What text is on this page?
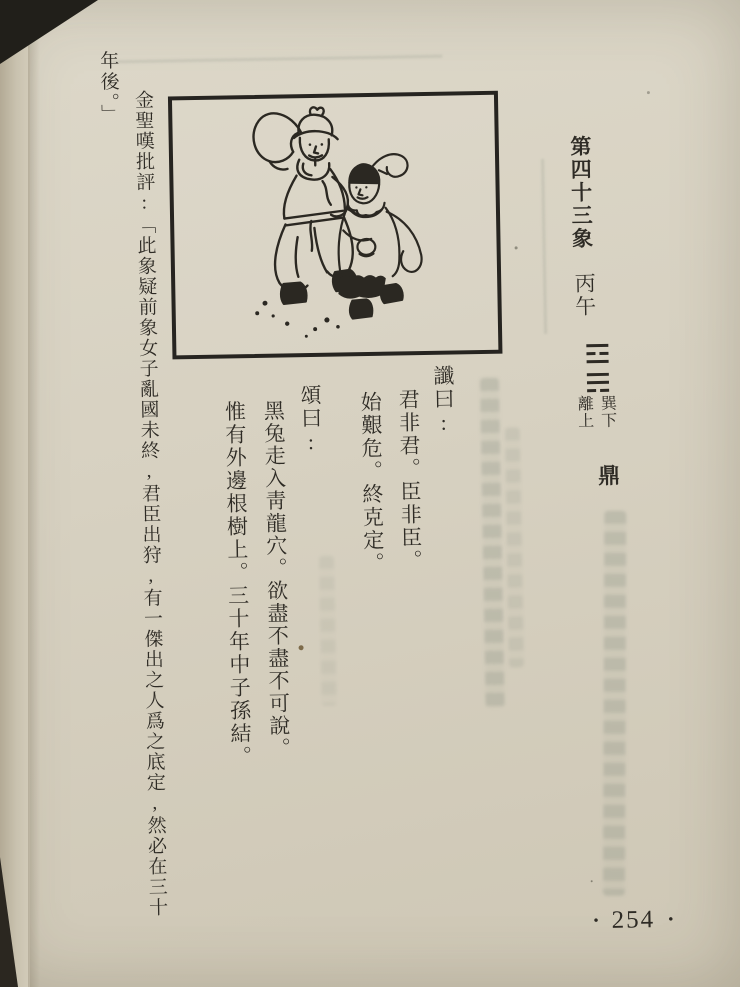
第四十三象
丙午
離上 巽下
鼎
讖曰:
君非君。臣非臣。
始艱危。終克定。
頌曰:
黑兔走入靑龍穴。欲盡不盡不可說。
惟有外邊根樹上。三十年中子孫結。
金聖嘆批評:「此象疑前象女子亂國未終,君臣出狩,有一傑出之人爲之底定,然必在三十
年後。」
• 254 •
